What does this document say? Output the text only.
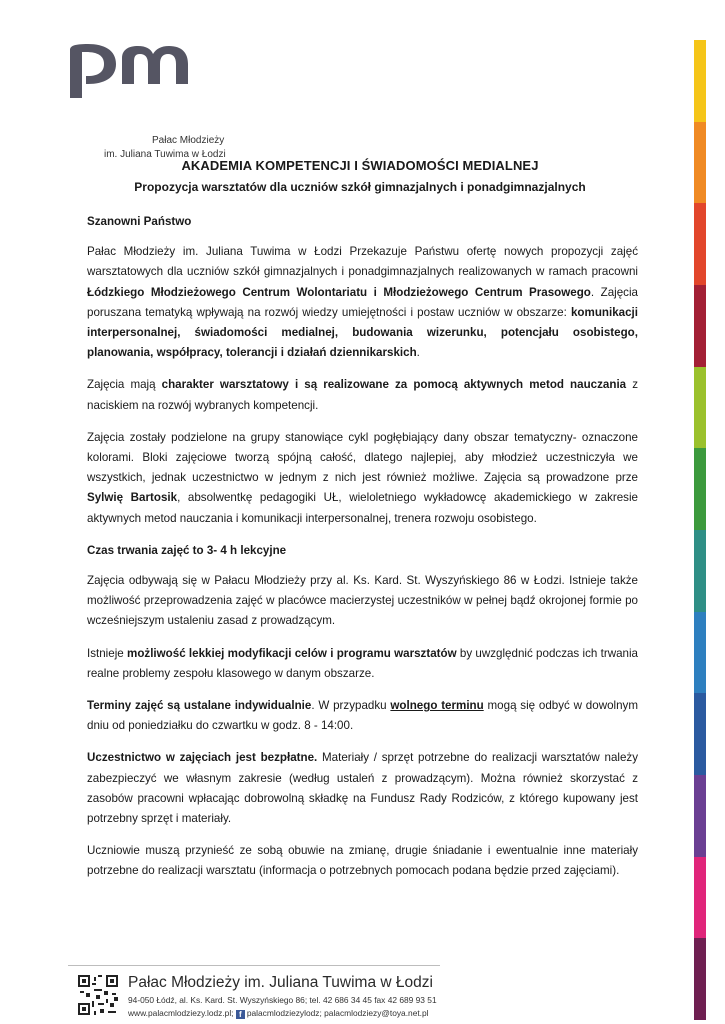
Pałac Młodzieży
im. Juliana Tuwima w Łodzi
AKADEMIA KOMPETENCJI I ŚWIADOMOŚCI MEDIALNEJ
Propozycja warsztatów dla uczniów szkół gimnazjalnych i ponadgimnazjalnych

Szanowni Państwo

Pałac Młodzieży im. Juliana Tuwima w Łodzi Przekazuje Państwu ofertę nowych propozycji zajęć warsztatowych dla uczniów szkół gimnazjalnych i ponadgimnazjalnych realizowanych w ramach pracowni Łódzkiego Młodzieżowego Centrum Wolontariatu i Młodzieżowego Centrum Prasowego. Zajęcia poruszana tematyką wpływają na rozwój wiedzy umiejętności i postaw uczniów w obszarze: komunikacji interpersonalnej, świadomości medialnej, budowania wizerunku, potencjału osobistego, planowania, współpracy, tolerancji i działań dziennikarskich.

Zajęcia mają charakter warsztatowy i są realizowane za pomocą aktywnych metod nauczania z naciskiem na rozwój wybranych kompetencji.

Zajęcia zostały podzielone na grupy stanowiące cykl pogłębiający dany obszar tematyczny- oznaczone kolorami. Bloki zajęciowe tworzą spójną całość, dlatego najlepiej, aby młodzież uczestniczyła we wszystkich, jednak uczestnictwo w jednym z nich jest również możliwe. Zajęcia są prowadzone prze Sylwię Bartosik, absolwentkę pedagogiki UŁ, wieloletniego wykładowcę akademickiego w zakresie aktywnych metod nauczania i komunikacji interpersonalnej, trenera rozwoju osobistego.

Czas trwania zajęć to 3- 4 h lekcyjne

Zajęcia odbywają się w Pałacu Młodzieży przy al. Ks. Kard. St. Wyszyńskiego 86 w Łodzi. Istnieje także możliwość przeprowadzenia zajęć w placówce macierzystej uczestników w pełnej bądź okrojonej formie po wcześniejszym ustaleniu zasad z prowadzącym.

Istnieje możliwość lekkiej modyfikacji celów i programu warsztatów by uwzględnić podczas ich trwania realne problemy zespołu klasowego w danym obszarze.

Terminy zajęć są ustalane indywidualnie. W przypadku wolnego terminu mogą się odbyć w dowolnym dniu od poniedziałku do czwartku w godz. 8 - 14:00.

Uczestnictwo w zajęciach jest bezpłatne. Materiały / sprzęt potrzebne do realizacji warsztatów należy zabezpieczyć we własnym zakresie (według ustaleń z prowadzącym). Można również skorzystać z zasobów pracowni wpłacając dobrowolną składkę na Fundusz Rady Rodziców, z którego kupowany jest potrzebny sprzęt i materiały.

Uczniowie muszą przynieść ze sobą obuwie na zmianę, drugie śniadanie i ewentualnie inne materiały potrzebne do realizacji warsztatu (informacja o potrzebnych pomocach podana będzie przed zajęciami).

Pałac Młodzieży im. Juliana Tuwima w Łodzi
94-050 Łódź, al. Ks. Kard. St. Wyszyńskiego 86; tel. 42 686 34 45 fax 42 689 93 51
www.palacmlodziezy.lodz.pl; f palacmlodziezylodz; palacmlodziezy@toya.net.pl
